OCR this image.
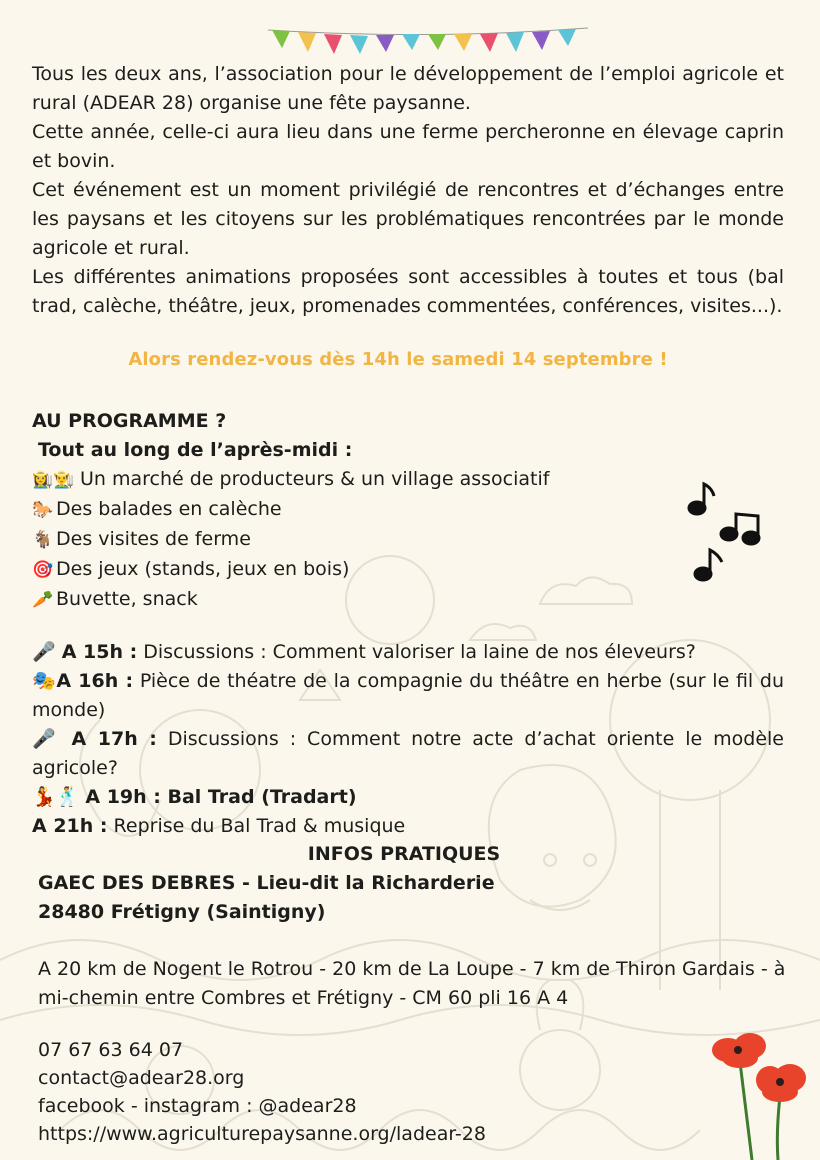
Tous les deux ans, l’association pour le développement de l’emploi agricole et rural (ADEAR 28) organise une fête paysanne.

Cette année, celle-ci aura lieu dans une ferme percheronne en élevage caprin et bovin.

Cet événement est un moment privilégié de rencontres et d’échanges entre les paysans et les citoyens sur les problématiques rencontrées par le monde agricole et rural.

Les différentes animations proposées sont accessibles à toutes et tous (bal trad, calèche, théâtre, jeux, promenades commentées, conférences, visites...).

Alors rendez-vous dès 14h le samedi 14 septembre !
AU PROGRAMME ?
Tout au long de l’après-midi :
👩‍🌾👨‍🌾 Un marché de producteurs & un village associatif
🐎 Des balades en calèche
🐐 Des visites de ferme
🎯 Des jeux (stands, jeux en bois)
🥕 Buvette, snack

🎤 A 15h : Discussions : Comment valoriser la laine de nos éleveurs?

🎭A 16h : Pièce de théatre de la compagnie du théâtre en herbe (sur le fil du monde)

🎤 A 17h : Discussions : Comment notre acte d’achat oriente le modèle agricole?

💃🕺 A 19h : Bal Trad (Tradart)

A 21h : Reprise du Bal Trad & musique

INFOS PRATIQUES
GAEC DES DEBRES - Lieu-dit la Richarderie
28480 Frétigny (Saintigny)
A 20 km de Nogent le Rotrou - 20 km de La Loupe - 7 km de Thiron Gardais - à mi-chemin entre Combres et Frétigny - CM 60 pli 16 A 4
07 67 63 64 07
contact@adear28.org
facebook - instagram : @adear28
https://www.agriculturepaysanne.org/ladear-28
